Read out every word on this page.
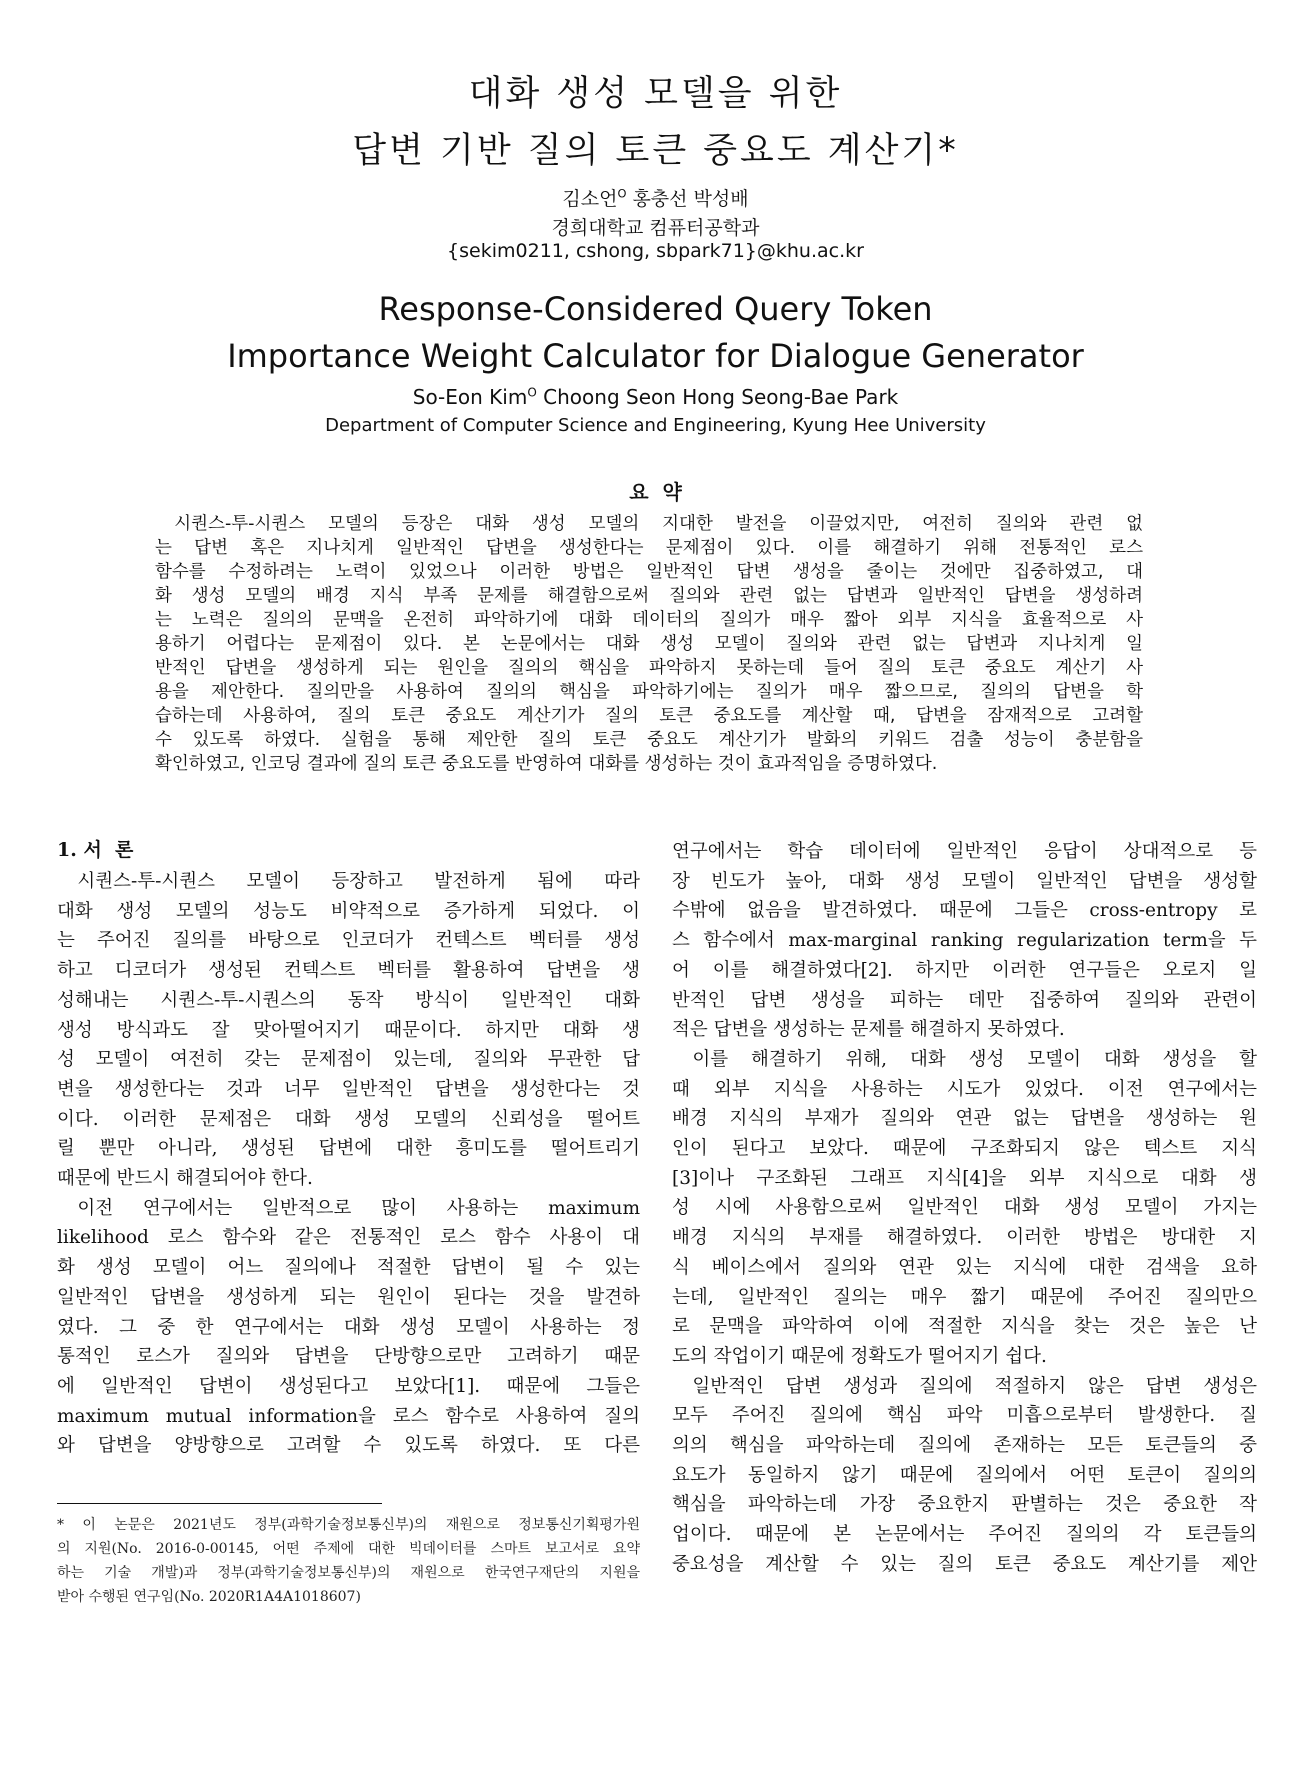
대화 생성 모델을 위한
답변 기반 질의 토큰 중요도 계산기*
김소언$^O$ 홍충선 박성배
경희대학교 컴퓨터공학과
{sekim0211, cshong, sbpark71}@khu.ac.kr
Response-Considered Query Token
Importance Weight Calculator for Dialogue Generator
So-Eon Kim$^O$ Choong Seon Hong Seong-Bae Park
Department of Computer Science and Engineering, Kyung Hee University
요  약
시퀀스-투-시퀀스 모델의 등장은 대화 생성 모델의 지대한 발전을 이끌었지만, 여전히 질의와 관련 없
는 답변 혹은 지나치게 일반적인 답변을 생성한다는 문제점이 있다. 이를 해결하기 위해 전통적인 로스
함수를 수정하려는 노력이 있었으나 이러한 방법은 일반적인 답변 생성을 줄이는 것에만 집중하였고, 대
화 생성 모델의 배경 지식 부족 문제를 해결함으로써 질의와 관련 없는 답변과 일반적인 답변을 생성하려
는 노력은 질의의 문맥을 온전히 파악하기에 대화 데이터의 질의가 매우 짧아 외부 지식을 효율적으로 사
용하기 어렵다는 문제점이 있다. 본 논문에서는 대화 생성 모델이 질의와 관련 없는 답변과 지나치게 일
반적인 답변을 생성하게 되는 원인을 질의의 핵심을 파악하지 못하는데 들어 질의 토큰 중요도 계산기 사
용을 제안한다. 질의만을 사용하여 질의의 핵심을 파악하기에는 질의가 매우 짧으므로, 질의의 답변을 학
습하는데 사용하여, 질의 토큰 중요도 계산기가 질의 토큰 중요도를 계산할 때, 답변을 잠재적으로 고려할
수 있도록 하였다. 실험을 통해 제안한 질의 토큰 중요도 계산기가 발화의 키워드 검출 성능이 충분함을
확인하였고, 인코딩 결과에 질의 토큰 중요도를 반영하여 대화를 생성하는 것이 효과적임을 증명하였다.
1. 서  론
시퀀스-투-시퀀스 모델이 등장하고 발전하게 됨에 따라
대화 생성 모델의 성능도 비약적으로 증가하게 되었다. 이
는 주어진 질의를 바탕으로 인코더가 컨텍스트 벡터를 생성
하고 디코더가 생성된 컨텍스트 벡터를 활용하여 답변을 생
성해내는 시퀀스-투-시퀀스의 동작 방식이 일반적인 대화
생성 방식과도 잘 맞아떨어지기 때문이다. 하지만 대화 생
성 모델이 여전히 갖는 문제점이 있는데, 질의와 무관한 답
변을 생성한다는 것과 너무 일반적인 답변을 생성한다는 것
이다. 이러한 문제점은 대화 생성 모델의 신뢰성을 떨어트
릴 뿐만 아니라, 생성된 답변에 대한 흥미도를 떨어트리기
때문에 반드시 해결되어야 한다.
이전 연구에서는 일반적으로 많이 사용하는 maximum
likelihood 로스 함수와 같은 전통적인 로스 함수 사용이 대
화 생성 모델이 어느 질의에나 적절한 답변이 될 수 있는
일반적인 답변을 생성하게 되는 원인이 된다는 것을 발견하
였다. 그 중 한 연구에서는 대화 생성 모델이 사용하는 정
통적인 로스가 질의와 답변을 단방향으로만 고려하기 때문
에 일반적인 답변이 생성된다고 보았다[1]. 때문에 그들은
maximum mutual information을 로스 함수로 사용하여 질의
와 답변을 양방향으로 고려할 수 있도록 하였다. 또 다른
연구에서는 학습 데이터에 일반적인 응답이 상대적으로 등
장 빈도가 높아, 대화 생성 모델이 일반적인 답변을 생성할
수밖에 없음을 발견하였다. 때문에 그들은 cross-entropy 로
스 함수에서 max-marginal ranking regularization term을 두
어 이를 해결하였다[2]. 하지만 이러한 연구들은 오로지 일
반적인 답변 생성을 피하는 데만 집중하여 질의와 관련이
적은 답변을 생성하는 문제를 해결하지 못하였다.
이를 해결하기 위해, 대화 생성 모델이 대화 생성을 할
때 외부 지식을 사용하는 시도가 있었다. 이전 연구에서는
배경 지식의 부재가 질의와 연관 없는 답변을 생성하는 원
인이 된다고 보았다. 때문에 구조화되지 않은 텍스트 지식
[3]이나 구조화된 그래프 지식[4]을 외부 지식으로 대화 생
성 시에 사용함으로써 일반적인 대화 생성 모델이 가지는
배경 지식의 부재를 해결하였다. 이러한 방법은 방대한 지
식 베이스에서 질의와 연관 있는 지식에 대한 검색을 요하
는데, 일반적인 질의는 매우 짧기 때문에 주어진 질의만으
로 문맥을 파악하여 이에 적절한 지식을 찾는 것은 높은 난
도의 작업이기 때문에 정확도가 떨어지기 쉽다.
일반적인 답변 생성과 질의에 적절하지 않은 답변 생성은
모두 주어진 질의에 핵심 파악 미흡으로부터 발생한다. 질
의의 핵심을 파악하는데 질의에 존재하는 모든 토큰들의 중
요도가 동일하지 않기 때문에 질의에서 어떤 토큰이 질의의
핵심을 파악하는데 가장 중요한지 판별하는 것은 중요한 작
업이다. 때문에 본 논문에서는 주어진 질의의 각 토큰들의
중요성을 계산할 수 있는 질의 토큰 중요도 계산기를 제안
* 이 논문은 2021년도 정부(과학기술정보통신부)의 재원으로 정보통신기획평가원
의 지원(No. 2016-0-00145, 어떤 주제에 대한 빅데이터를 스마트 보고서로 요약
하는 기술 개발)과 정부(과학기술정보통신부)의 재원으로 한국연구재단의 지원을
받아 수행된 연구임(No. 2020R1A4A1018607)
